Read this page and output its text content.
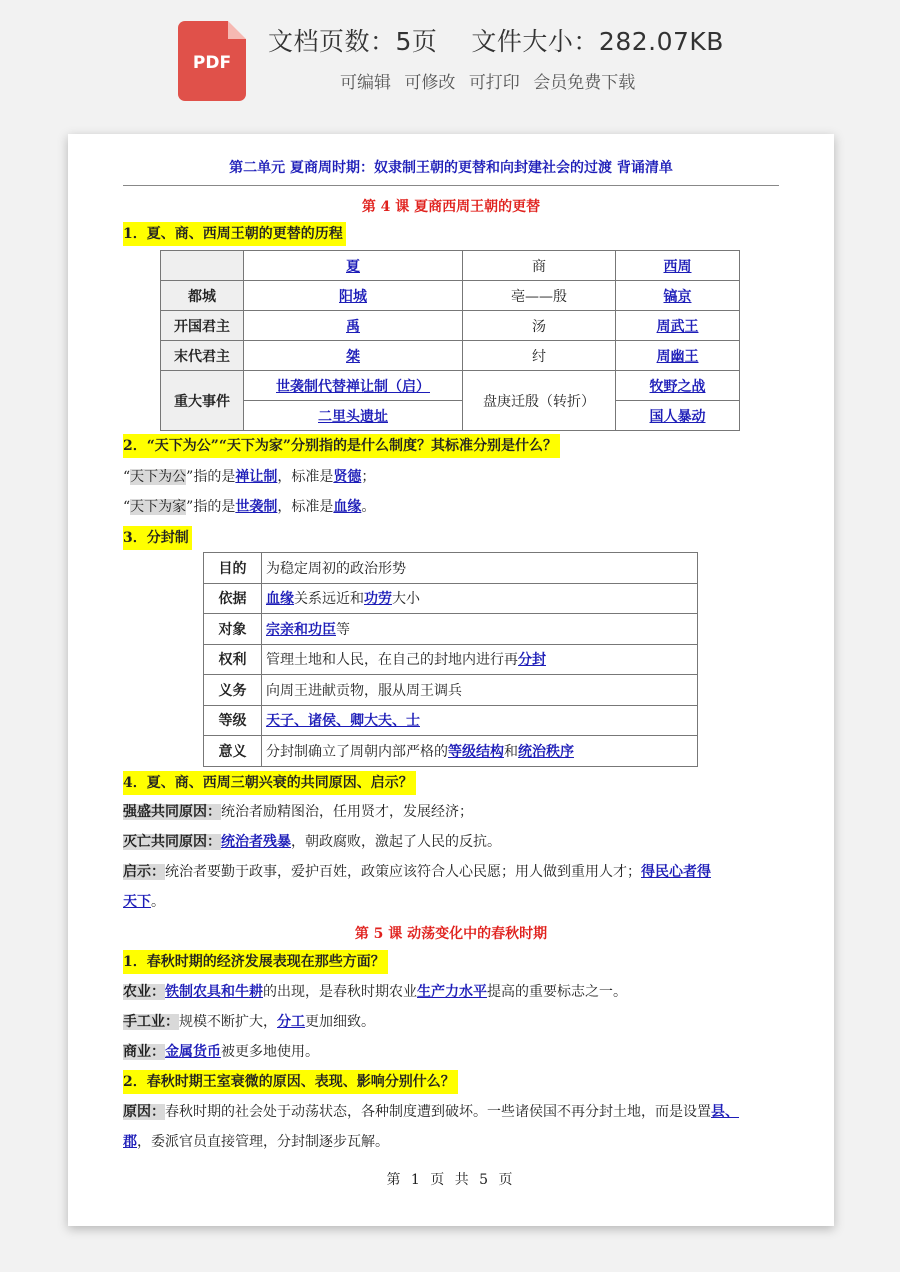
PDF
文档页数：5页 文件大小：282.07KB
可编辑 可修改 可打印 会员免费下载
第二单元 夏商周时期：奴隶制王朝的更替和向封建社会的过渡 背诵清单
第 4 课 夏商西周王朝的更替
1．夏、商、西周王朝的更替的历程
	夏	商	西周
都城	阳城	亳——殷	镐京
开国君主	禹	汤	周武王
末代君主	桀	纣	周幽王
重大事件	世袭制代替禅让制（启）	盘庚迁殷（转折）	牧野之战
	二里头遗址		国人暴动
2．“天下为公”“天下为家”分别指的是什么制度？其标准分别是什么？
“天下为公”指的是禅让制，标准是贤德；
“天下为家”指的是世袭制，标准是血缘。
3．分封制
目的	为稳定周初的政治形势
依据	血缘关系远近和功劳大小
对象	宗亲和功臣等
权利	管理土地和人民，在自己的封地内进行再分封
义务	向周王进献贡物，服从周王调兵
等级	天子、诸侯、卿大夫、士
意义	分封制确立了周朝内部严格的等级结构和统治秩序
4．夏、商、西周三朝兴衰的共同原因、启示？
强盛共同原因：统治者励精图治，任用贤才，发展经济；
灭亡共同原因：统治者残暴，朝政腐败，激起了人民的反抗。
启示：统治者要勤于政事，爱护百姓，政策应该符合人心民愿；用人做到重用人才；得民心者得
天下。
第 5 课 动荡变化中的春秋时期
1．春秋时期的经济发展表现在那些方面？
农业：铁制农具和牛耕的出现，是春秋时期农业生产力水平提高的重要标志之一。
手工业：规模不断扩大，分工更加细致。
商业：金属货币被更多地使用。
2．春秋时期王室衰微的原因、表现、影响分别什么？
原因：春秋时期的社会处于动荡状态，各种制度遭到破坏。一些诸侯国不再分封土地，而是设置县、
郡，委派官员直接管理，分封制逐步瓦解。
第 1 页 共 5 页
